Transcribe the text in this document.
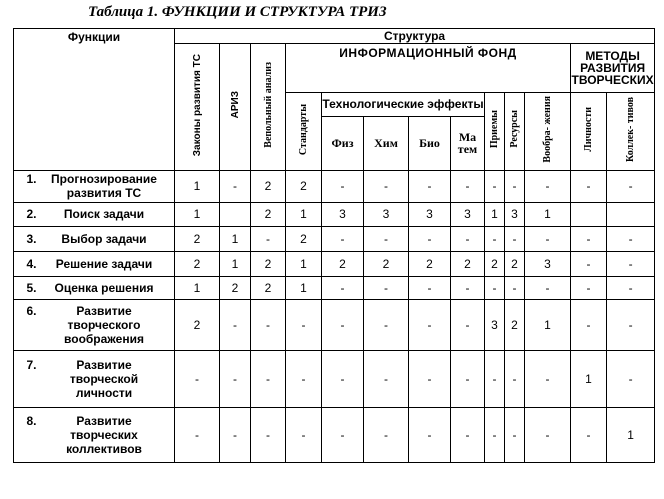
Таблица 1. ФУНКЦИИ И СТРУКТУРА ТРИЗ
Функции	Структура												
	Законы развития ТС	АРИЗ	Вепольный анализ	ИНФОРМАЦИОННЫЙ ФОНД								МЕТОДЫ РАЗВИТИЯ ТВОРЧЕСКИХ	
				Стандарты	Технологические эффекты				Приемы	Ресурсы	Вообра- жения	Личности	Коллек- тивов
					Физ	Хим	Био	Ма тем					
1. Прогнозирование развития ТС	1	-	2	2	-	-	-	-	-	-	-	-	-
2. Поиск задачи	1		2	1	3	3	3	3	1	3	1		
3. Выбор задачи	2	1	-	2	-	-	-	-	-	-	-	-	-
4. Решение задачи	2	1	2	1	2	2	2	2	2	2	3	-	-
5. Оценка решения	1	2	2	1	-	-	-	-	-	-	-	-	-
6. Развитие творческого воображения	2	-	-	-	-	-	-	-	3	2	1	-	-
7. Развитие творческой личности	-	-	-	-	-	-	-	-	-	-	-	1	-
8. Развитие творческих коллективов	-	-	-	-	-	-	-	-	-	-	-	-	1
